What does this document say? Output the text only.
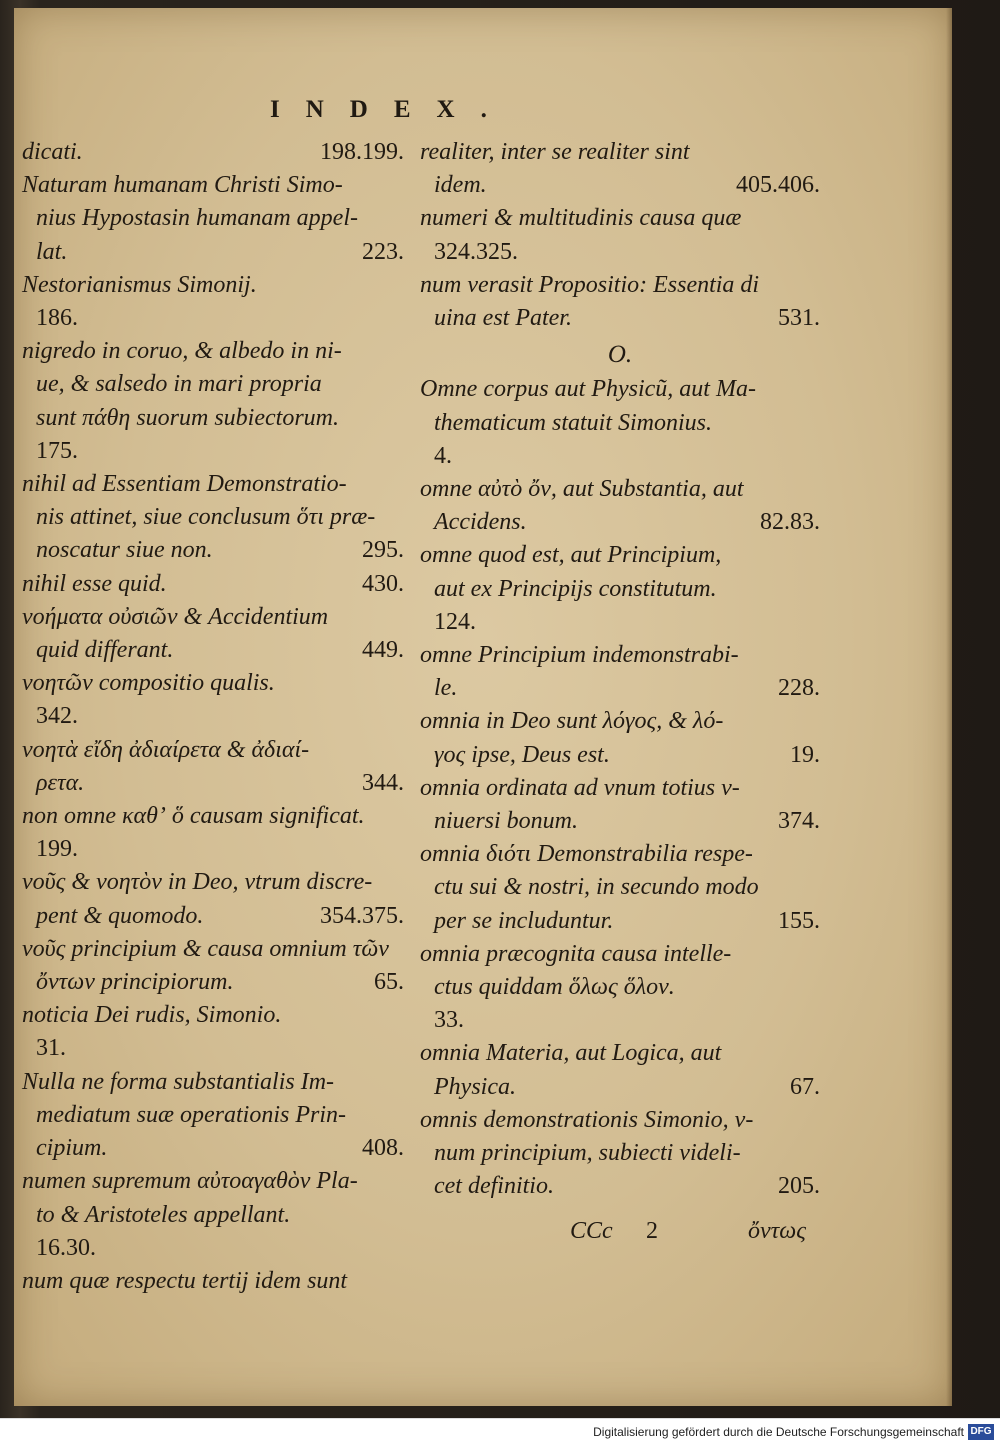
INDEX.
dicati.	198.199.
Naturam humanam Christi Simo-
nius Hypostasin humanam appel-
lat.	223.
Nestorianismus Simonij.
186.
nigredo in coruo, & albedo in ni-
ue, & salsedo in mari propria
sunt πάθη suorum subiectorum.
175.
nihil ad Essentiam Demonstratio-
nis attinet, siue conclusum ὅτι præ-
noscatur siue non.	295.
nihil esse quid.	430.
νοήματα οὐσιῶν & Accidentium
quid differant.	449.
νοητῶν compositio qualis.
342.
νοητὰ εἴδη ἀδιαίρετα & ἀδιαί-
ρετα.	344.
non omne καθʼ ὅ causam significat.
199.
νοῦς & νοητὸν in Deo, vtrum discre-
pent & quomodo.	354.375.
νοῦς principium & causa omnium τῶν
ὄντων principiorum.	65.
noticia Dei rudis, Simonio.
31.
Nulla ne forma substantialis Im-
mediatum suæ operationis Prin-
cipium.	408.
numen supremum αὐτοαγαθὸν Pla-
to & Aristoteles appellant.
16.30.
num quæ respectu tertij idem sunt
realiter, inter se realiter sint
idem.	405.406.
numeri & multitudinis causa quæ
324.325.
num verasit Propositio: Essentia di
uina est Pater.	531.
O.
Omne corpus aut Physicũ, aut Ma-
thematicum statuit Simonius.
4.
omne αὐτὸ ὄν, aut Substantia, aut
Accidens.	82.83.
omne quod est, aut Principium,
aut ex Principijs constitutum.
124.
omne Principium indemonstrabi-
le.	228.
omnia in Deo sunt λόγος, & λό-
γος ipse, Deus est.	19.
omnia ordinata ad vnum totius v-
niuersi bonum.	374.
omnia διότι Demonstrabilia respe-
ctu sui & nostri, in secundo modo
per se includuntur.	155.
omnia præcognita causa intelle-
ctus quiddam ὅλως ὅλον.
33.
omnia Materia, aut Logica, aut
Physica.	67.
omnis demonstrationis Simonio, v-
num principium, subiecti videli-
cet definitio.	205.
CCc 2	ὄντως
Digitalisierung gefördert durch die Deutsche Forschungsgemeinschaft DFG
